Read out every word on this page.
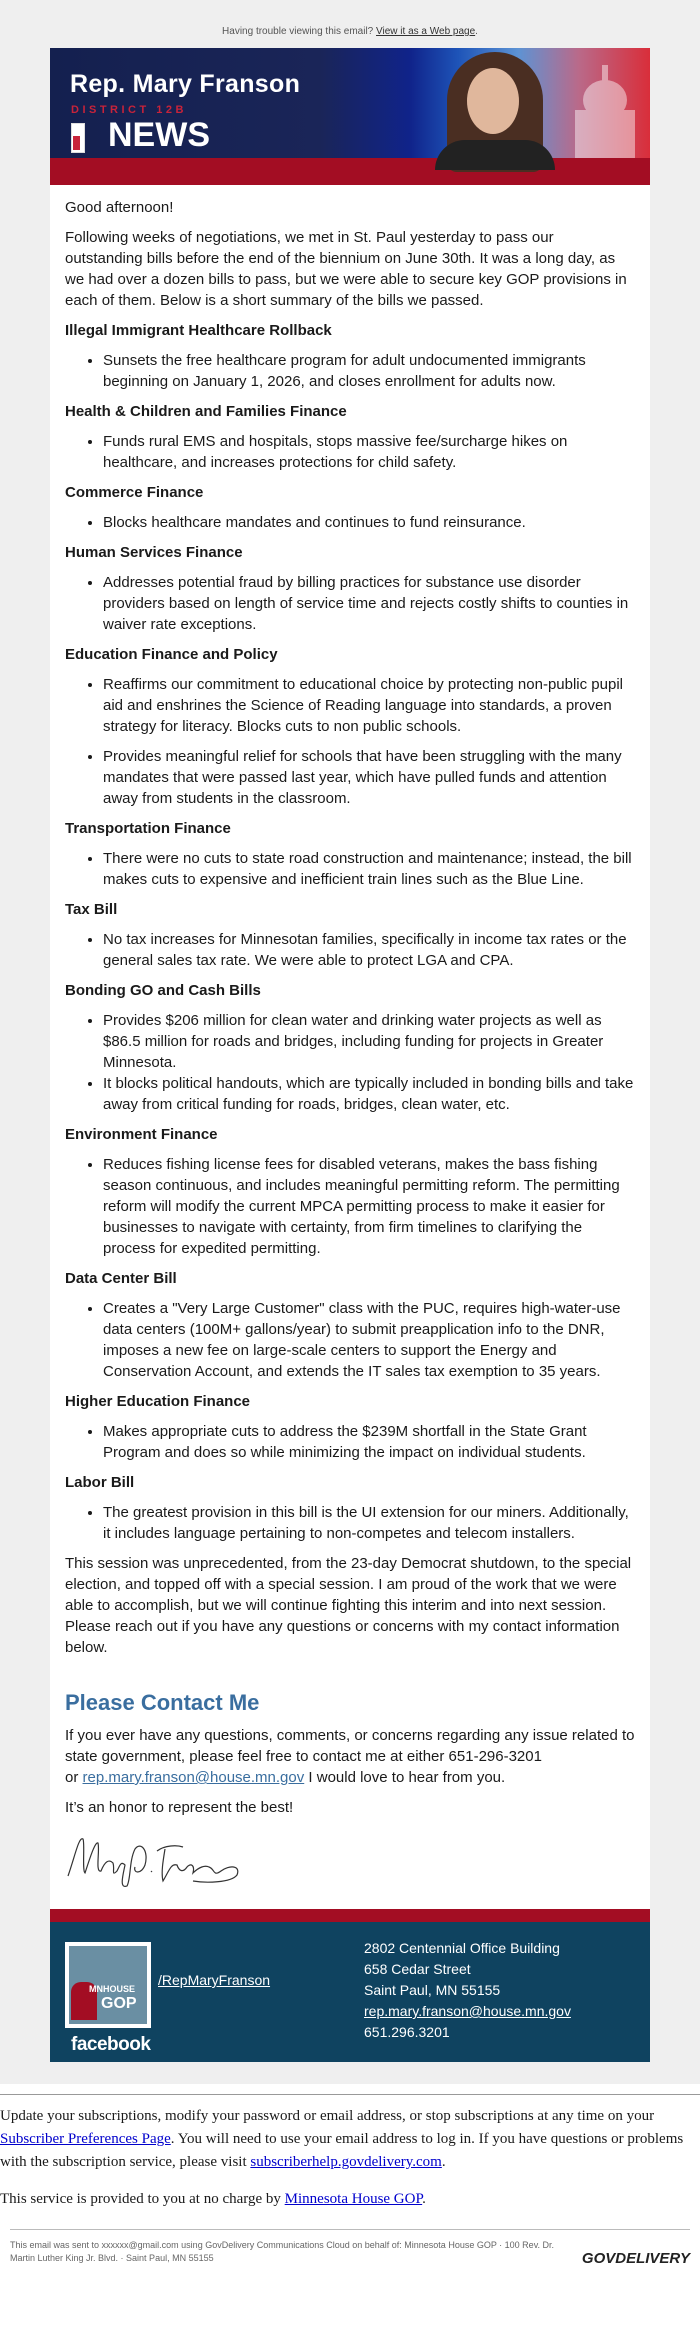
Having trouble viewing this email? View it as a Web page.
Rep. Mary Franson
DISTRICT 12B
NEWS

Good afternoon!

Following weeks of negotiations, we met in St. Paul yesterday to pass our outstanding bills before the end of the biennium on June 30th. It was a long day, as we had over a dozen bills to pass, but we were able to secure key GOP provisions in each of them. Below is a short summary of the bills we passed.

Illegal Immigrant Healthcare Rollback
• Sunsets the free healthcare program for adult undocumented immigrants beginning on January 1, 2026, and closes enrollment for adults now.
Health & Children and Families Finance
• Funds rural EMS and hospitals, stops massive fee/surcharge hikes on healthcare, and increases protections for child safety.
Commerce Finance
• Blocks healthcare mandates and continues to fund reinsurance.
Human Services Finance
• Addresses potential fraud by billing practices for substance use disorder providers based on length of service time and rejects costly shifts to counties in waiver rate exceptions.
Education Finance and Policy
• Reaffirms our commitment to educational choice by protecting non-public pupil aid and enshrines the Science of Reading language into standards, a proven strategy for literacy. Blocks cuts to non public schools.
• Provides meaningful relief for schools that have been struggling with the many mandates that were passed last year, which have pulled funds and attention away from students in the classroom.
Transportation Finance
• There were no cuts to state road construction and maintenance; instead, the bill makes cuts to expensive and inefficient train lines such as the Blue Line.
Tax Bill
• No tax increases for Minnesotan families, specifically in income tax rates or the general sales tax rate. We were able to protect LGA and CPA.
Bonding GO and Cash Bills
• Provides $206 million for clean water and drinking water projects as well as $86.5 million for roads and bridges, including funding for projects in Greater Minnesota.
• It blocks political handouts, which are typically included in bonding bills and take away from critical funding for roads, bridges, clean water, etc.
Environment Finance
• Reduces fishing license fees for disabled veterans, makes the bass fishing season continuous, and includes meaningful permitting reform. The permitting reform will modify the current MPCA permitting process to make it easier for businesses to navigate with certainty, from firm timelines to clarifying the process for expedited permitting.
Data Center Bill
• Creates a "Very Large Customer" class with the PUC, requires high-water-use data centers (100M+ gallons/year) to submit preapplication info to the DNR, imposes a new fee on large-scale centers to support the Energy and Conservation Account, and extends the IT sales tax exemption to 35 years.
Higher Education Finance
• Makes appropriate cuts to address the $239M shortfall in the State Grant Program and does so while minimizing the impact on individual students.
Labor Bill
• The greatest provision in this bill is the UI extension for our miners. Additionally, it includes language pertaining to non-competes and telecom installers.

This session was unprecedented, from the 23-day Democrat shutdown, to the special election, and topped off with a special session. I am proud of the work that we were able to accomplish, but we will continue fighting this interim and into next session. Please reach out if you have any questions or concerns with my contact information below.

Please Contact Me

If you ever have any questions, comments, or concerns regarding any issue related to state government, please feel free to contact me at either 651-296-3201
or rep.mary.franson@house.mn.gov I would love to hear from you.

It’s an honor to represent the best!

MNHOUSE
GOP
facebook
/RepMaryFranson
2802 Centennial Office Building
658 Cedar Street
Saint Paul, MN 55155
rep.mary.franson@house.mn.gov
651.296.3201

Update your subscriptions, modify your password or email address, or stop subscriptions at any time on your Subscriber Preferences Page. You will need to use your email address to log in. If you have questions or problems with the subscription service, please visit subscriberhelp.govdelivery.com.

This service is provided to you at no charge by Minnesota House GOP.

This email was sent to xxxxxx@gmail.com using GovDelivery Communications Cloud on behalf of: Minnesota House GOP · 100 Rev. Dr. Martin Luther King Jr. Blvd. · Saint Paul, MN 55155	GOVDELIVERY
